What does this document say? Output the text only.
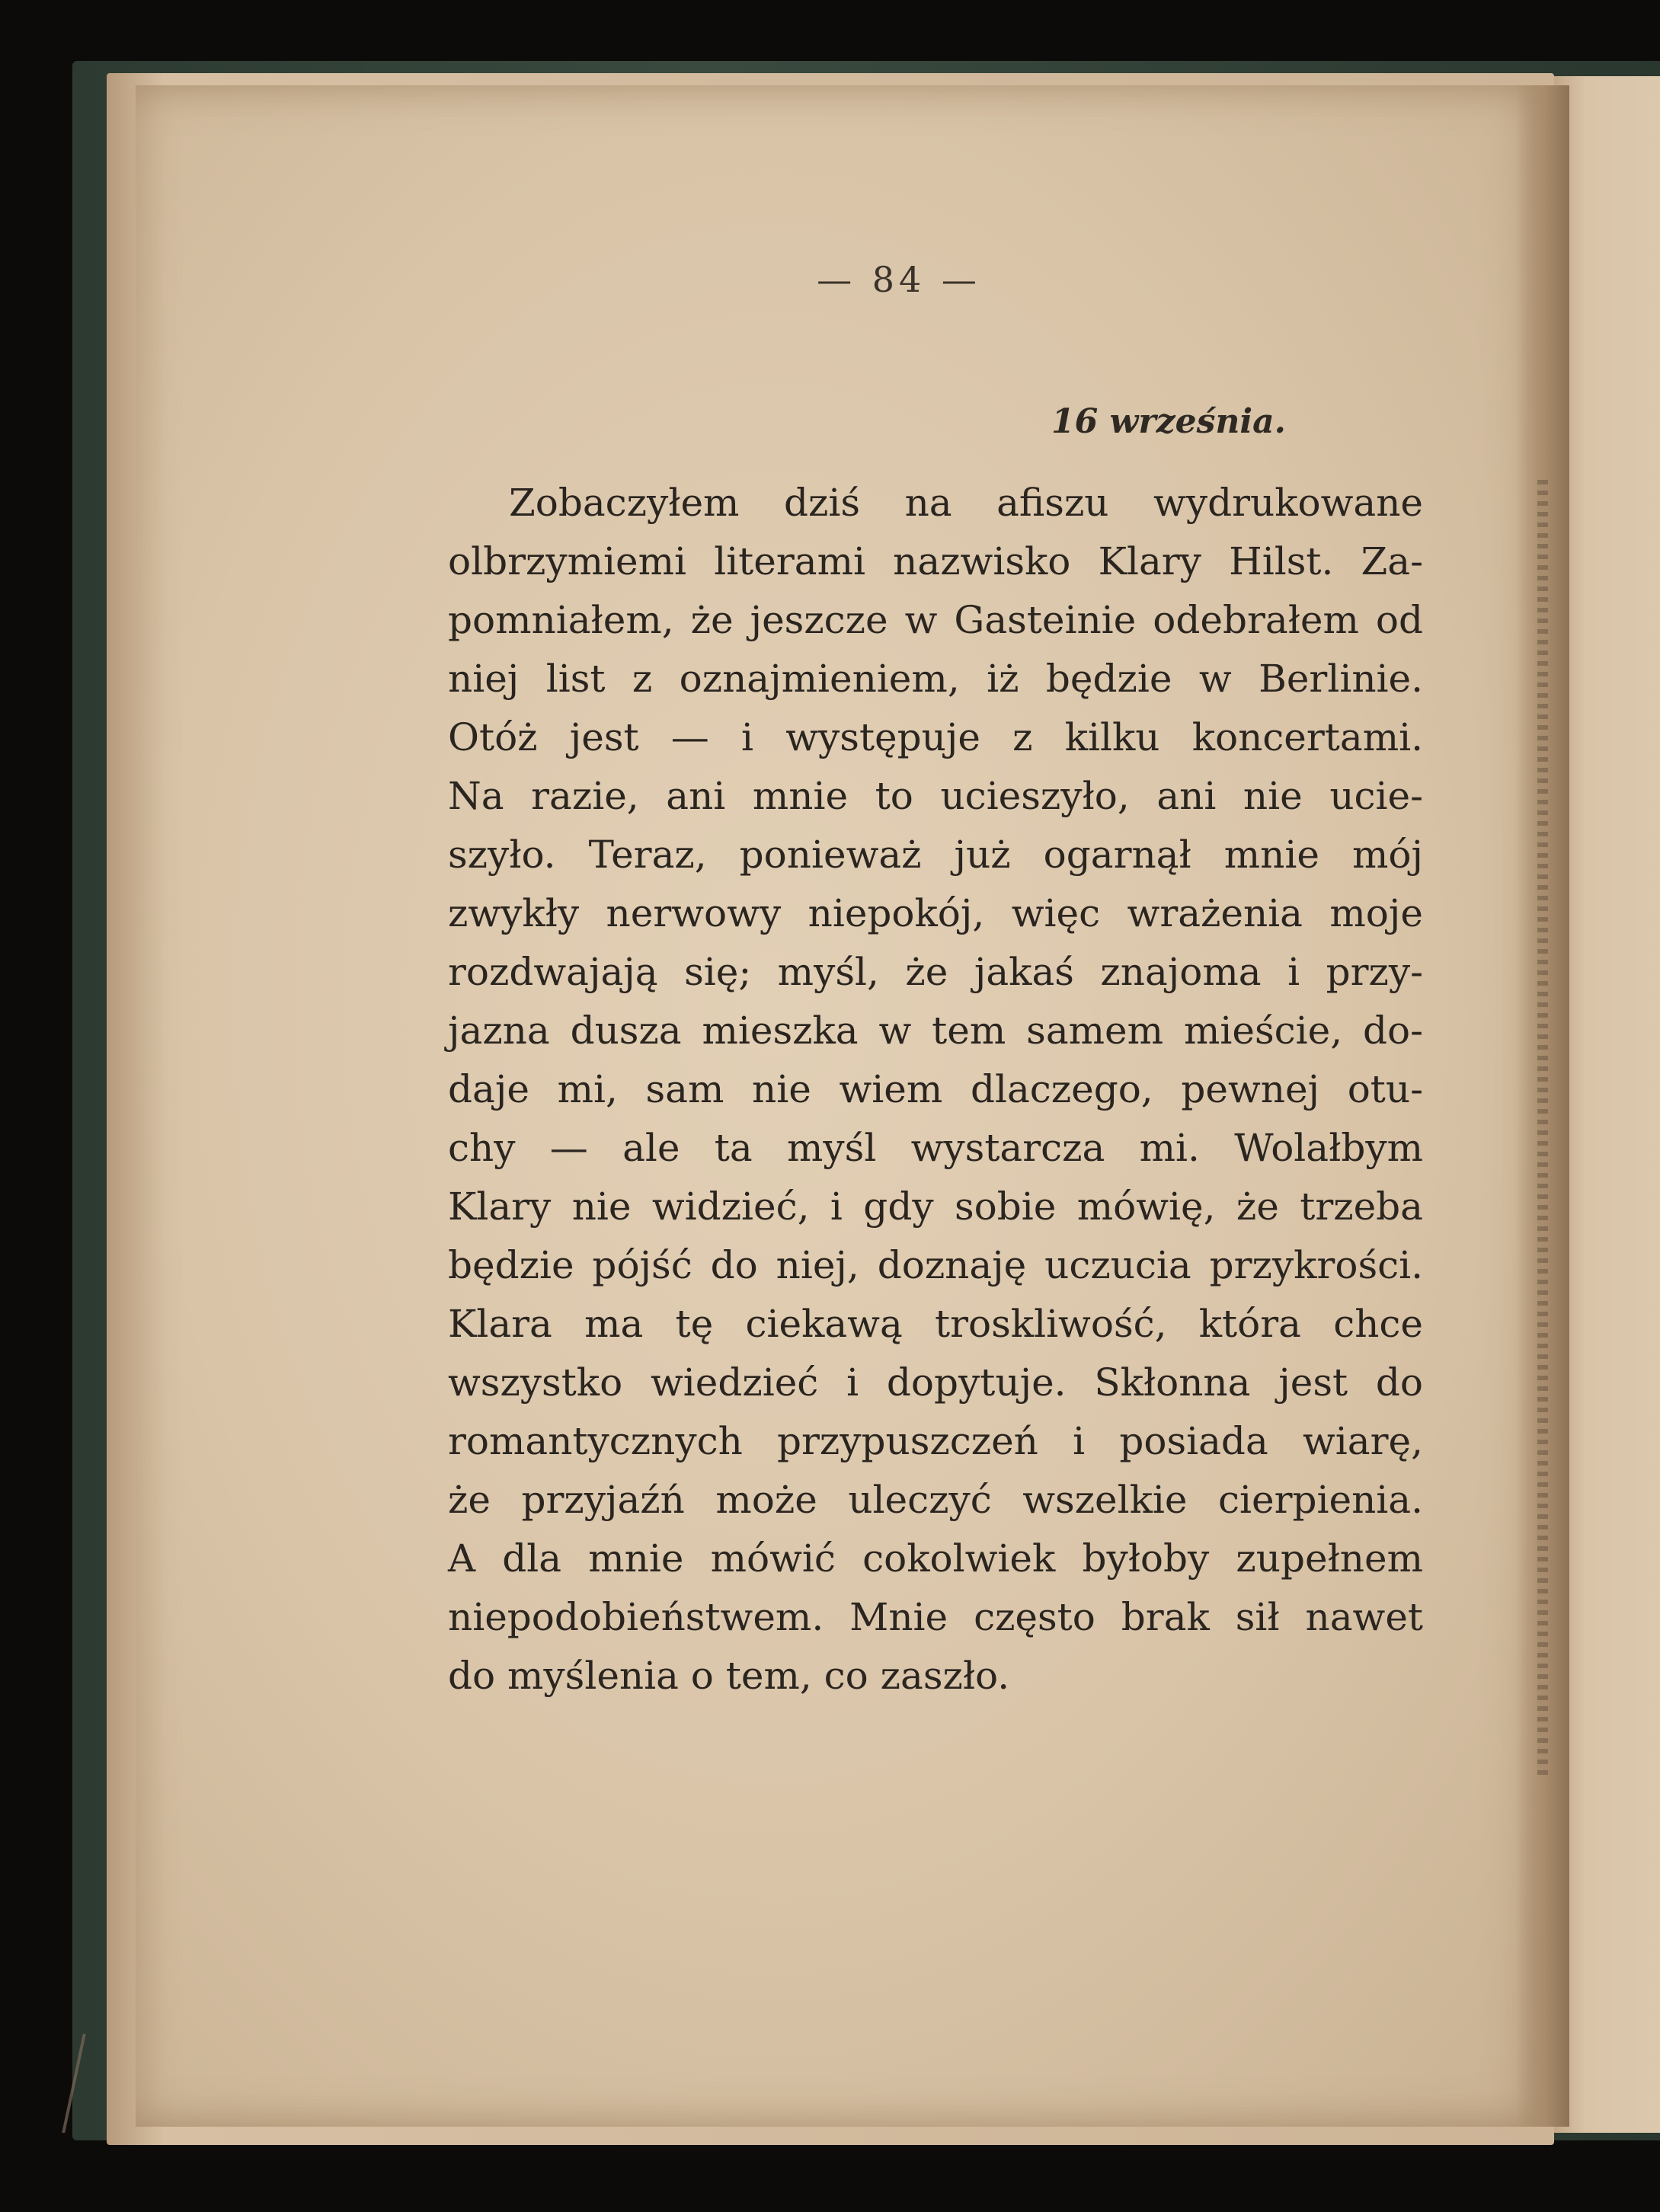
— 84 —
16 września.
Zobaczyłem dziś na afiszu wydrukowane
olbrzymiemi literami nazwisko Klary Hilst. Za-
pomniałem, że jeszcze w Gasteinie odebrałem od
niej list z oznajmieniem, iż będzie w Berlinie.
Otóż jest — i występuje z kilku koncertami.
Na razie, ani mnie to ucieszyło, ani nie ucie-
szyło. Teraz, ponieważ już ogarnął mnie mój
zwykły nerwowy niepokój, więc wrażenia moje
rozdwajają się; myśl, że jakaś znajoma i przy-
jazna dusza mieszka w tem samem mieście, do-
daje mi, sam nie wiem dlaczego, pewnej otu-
chy — ale ta myśl wystarcza mi. Wolałbym
Klary nie widzieć, i gdy sobie mówię, że trzeba
będzie pójść do niej, doznaję uczucia przykrości.
Klara ma tę ciekawą troskliwość, która chce
wszystko wiedzieć i dopytuje. Skłonna jest do
romantycznych przypuszczeń i posiada wiarę,
że przyjaźń może uleczyć wszelkie cierpienia.
A dla mnie mówić cokolwiek byłoby zupełnem
niepodobieństwem. Mnie często brak sił nawet
do myślenia o tem, co zaszło.
